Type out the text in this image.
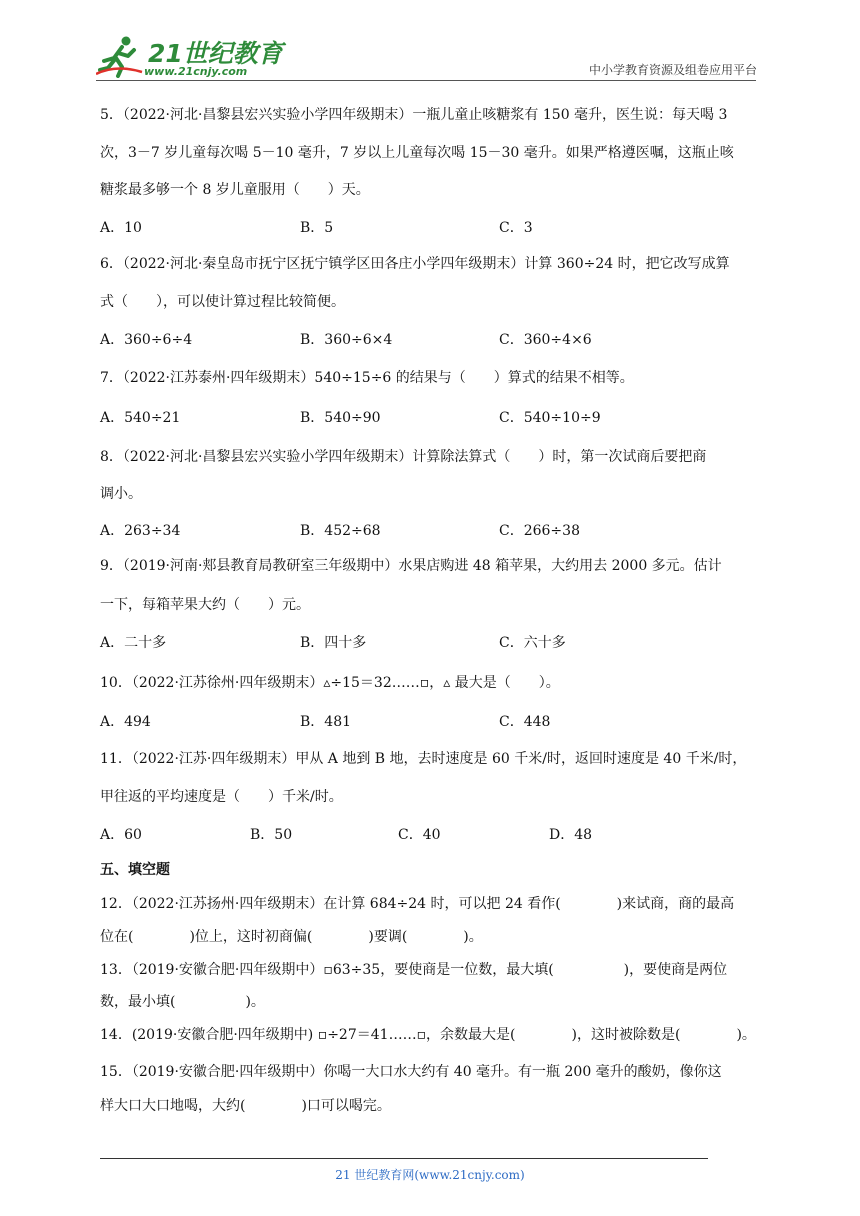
21世纪教育
www.21cnjy.com	中小学教育资源及组卷应用平台
5．（2022·河北·昌黎县宏兴实验小学四年级期末）一瓶儿童止咳糖浆有 150 毫升，医生说：每天喝 3
次，3－7 岁儿童每次喝 5－10 毫升，7 岁以上儿童每次喝 15－30 毫升。如果严格遵医嘱，这瓶止咳
糖浆最多够一个 8 岁儿童服用（　　）天。
A．10	B．5	C．3
6．（2022·河北·秦皇岛市抚宁区抚宁镇学区田各庄小学四年级期末）计算 360÷24 时，把它改写成算
式（　　），可以使计算过程比较简便。
A．360÷6÷4	B．360÷6×4	C．360÷4×6
7．（2022·江苏泰州·四年级期末）540÷15÷6 的结果与（　　）算式的结果不相等。
A．540÷21	B．540÷90	C．540÷10÷9
8．（2022·河北·昌黎县宏兴实验小学四年级期末）计算除法算式（　　）时，第一次试商后要把商
调小。
A．263÷34	B．452÷68	C．266÷38
9．（2019·河南·郏县教育局教研室三年级期中）水果店购进 48 箱苹果，大约用去 2000 多元。估计
一下，每箱苹果大约（　　）元。
A．二十多	B．四十多	C．六十多
10．（2022·江苏徐州·四年级期末）▵÷15＝32……▫，▵ 最大是（　　）。
A．494	B．481	C．448
11．（2022·江苏·四年级期末）甲从 A 地到 B 地，去时速度是 60 千米/时，返回时速度是 40 千米/时，
甲往返的平均速度是（　　）千米/时。
A．60	B．50	C．40	D．48
五、填空题
12．（2022·江苏扬州·四年级期末）在计算 684÷24 时，可以把 24 看作(　　　　)来试商，商的最高
位在(　　　　)位上，这时初商偏(　　　　)要调(　　　　)。
13．（2019·安徽合肥·四年级期中）▫63÷35，要使商是一位数，最大填(　　　　　)，要使商是两位
数，最小填(　　　　　)。
14．(2019·安徽合肥·四年级期中) ▫÷27＝41……▫，余数最大是(　　　　)，这时被除数是(　　　　)。
15．（2019·安徽合肥·四年级期中）你喝一大口水大约有 40 毫升。有一瓶 200 毫升的酸奶，像你这
样大口大口地喝，大约(　　　　)口可以喝完。
21 世纪教育网(www.21cnjy.com)
